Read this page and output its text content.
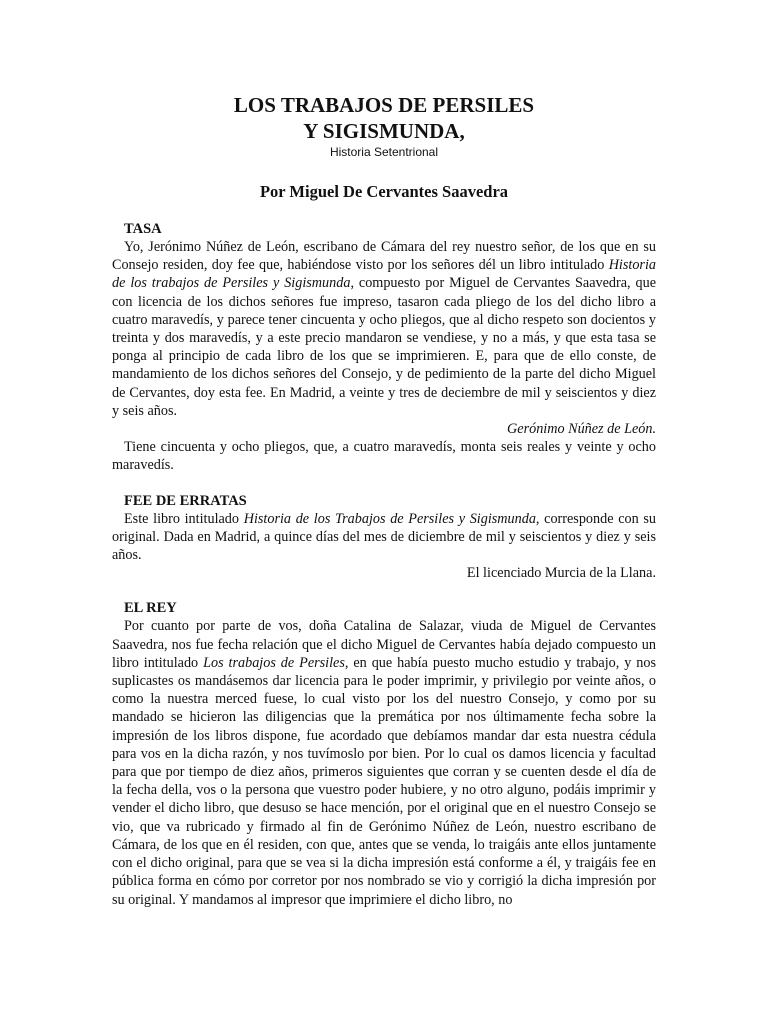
LOS TRABAJOS DE PERSILES

Y SIGISMUNDA,

Historia Setentrional

Por Miguel De Cervantes Saavedra
TASA

Yo, Jerónimo Núñez de León, escribano de Cámara del rey nuestro señor, de los que en su Consejo residen, doy fee que, habiéndose visto por los señores dél un libro intitulado Historia de los trabajos de Persiles y Sigismunda, compuesto por Miguel de Cervantes Saavedra, que con licencia de los dichos señores fue impreso, tasaron cada pliego de los del dicho libro a cuatro maravedís, y parece tener cincuenta y ocho pliegos, que al dicho respeto son docientos y treinta y dos maravedís, y a este precio mandaron se vendiese, y no a más, y que esta tasa se ponga al principio de cada libro de los que se imprimieren. E, para que de ello conste, de mandamiento de los dichos señores del Consejo, y de pedimiento de la parte del dicho Miguel de Cervantes, doy esta fee. En Madrid, a veinte y tres de deciembre de mil y seiscientos y diez y seis años.

Gerónimo Núñez de León.

Tiene cincuenta y ocho pliegos, que, a cuatro maravedís, monta seis reales y veinte y ocho maravedís.

FEE DE ERRATAS

Este libro intitulado Historia de los Trabajos de Persiles y Sigismunda, corresponde con su original. Dada en Madrid, a quince días del mes de diciembre de mil y seiscientos y diez y seis años.

El licenciado Murcia de la Llana.

EL REY

Por cuanto por parte de vos, doña Catalina de Salazar, viuda de Miguel de Cervantes Saavedra, nos fue fecha relación que el dicho Miguel de Cervantes había dejado compuesto un libro intitulado Los trabajos de Persiles, en que había puesto mucho estudio y trabajo, y nos suplicastes os mandásemos dar licencia para le poder imprimir, y privilegio por veinte años, o como la nuestra merced fuese, lo cual visto por los del nuestro Consejo, y como por su mandado se hicieron las diligencias que la premática por nos últimamente fecha sobre la impresión de los libros dispone, fue acordado que debíamos mandar dar esta nuestra cédula para vos en la dicha razón, y nos tuvímoslo por bien. Por lo cual os damos licencia y facultad para que por tiempo de diez años, primeros siguientes que corran y se cuenten desde el día de la fecha della, vos o la persona que vuestro poder hubiere, y no otro alguno, podáis imprimir y vender el dicho libro, que desuso se hace mención, por el original que en el nuestro Consejo se vio, que va rubricado y firmado al fin de Gerónimo Núñez de León, nuestro escribano de Cámara, de los que en él residen, con que, antes que se venda, lo traigáis ante ellos juntamente con el dicho original, para que se vea si la dicha impresión está conforme a él, y traigáis fee en pública forma en cómo por corretor por nos nombrado se vio y corrigió la dicha impresión por su original. Y mandamos al impresor que imprimiere el dicho libro, no
